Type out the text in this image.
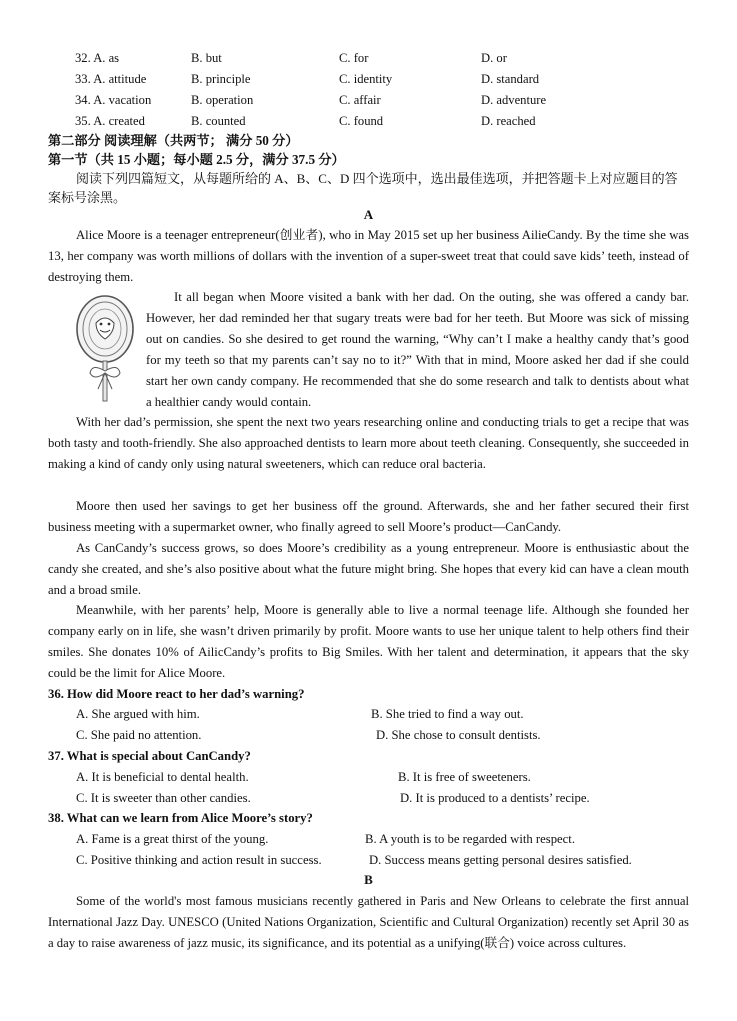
32. A. as	B. but	C. for	D. or
33. A. attitude	B. principle	C. identity	D. standard
34. A. vacation	B. operation	C. affair	D. adventure
35. A. created	B. counted	C. found	D. reached
第二部分 阅读理解（共两节； 满分 50 分）
第一节（共 15 小题；每小题 2.5 分，满分 37.5 分）
阅读下列四篇短文，从每题所给的 A、B、C、D 四个选项中，选出最佳选项，并把答题卡上对应题目的答案标号涂黑。
A
Alice Moore is a teenager entrepreneur(创业者), who in May 2015 set up her business AilieCandy. By the time she was 13, her company was worth millions of dollars with the invention of a super-sweet treat that could save kids’ teeth, instead of destroying them.
It all began when Moore visited a bank with her dad. On the outing, she was offered a candy bar. However, her dad reminded her that sugary treats were bad for her teeth. But Moore was sick of missing out on candies. So she desired to get round the warning, “Why can’t I make a healthy candy that’s good for my teeth so that my parents can’t say no to it?” With that in mind, Moore asked her dad if she could start her own candy company. He recommended that she do some research and talk to dentists about what a healthier candy would contain.
With her dad’s permission, she spent the next two years researching online and conducting trials to get a recipe that was both tasty and tooth-friendly. She also approached dentists to learn more about teeth cleaning. Consequently, she succeeded in making a kind of candy only using natural sweeteners, which can reduce oral bacteria.
Moore then used her savings to get her business off the ground. Afterwards, she and her father secured their first business meeting with a supermarket owner, who finally agreed to sell Moore’s product—CanCandy.
As CanCandy’s success grows, so does Moore’s credibility as a young entrepreneur. Moore is enthusiastic about the candy she created, and she’s also positive about what the future might bring. She hopes that every kid can have a clean mouth and a broad smile.
Meanwhile, with her parents’ help, Moore is generally able to live a normal teenage life. Although she founded her company early on in life, she wasn’t driven primarily by profit. Moore wants to use her unique talent to help others find their smiles. She donates 10% of AilicCandy’s profits to Big Smiles. With her talent and determination, it appears that the sky could be the limit for Alice Moore.
36. How did Moore react to her dad’s warning?
A. She argued with him.	B. She tried to find a way out.
C. She paid no attention.	D. She chose to consult dentists.
37. What is special about CanCandy?
A. It is beneficial to dental health.	B. It is free of sweeteners.
C. It is sweeter than other candies.	D. It is produced to a dentists’ recipe.
38. What can we learn from Alice Moore’s story?
A. Fame is a great thirst of the young.	B. A youth is to be regarded with respect.
C. Positive thinking and action result in success.	D. Success means getting personal desires satisfied.
B
Some of the world's most famous musicians recently gathered in Paris and New Orleans to celebrate the first annual International Jazz Day. UNESCO (United Nations Organization, Scientific and Cultural Organization) recently set April 30 as a day to raise awareness of jazz music, its significance, and its potential as a unifying(联合) voice across cultures.
